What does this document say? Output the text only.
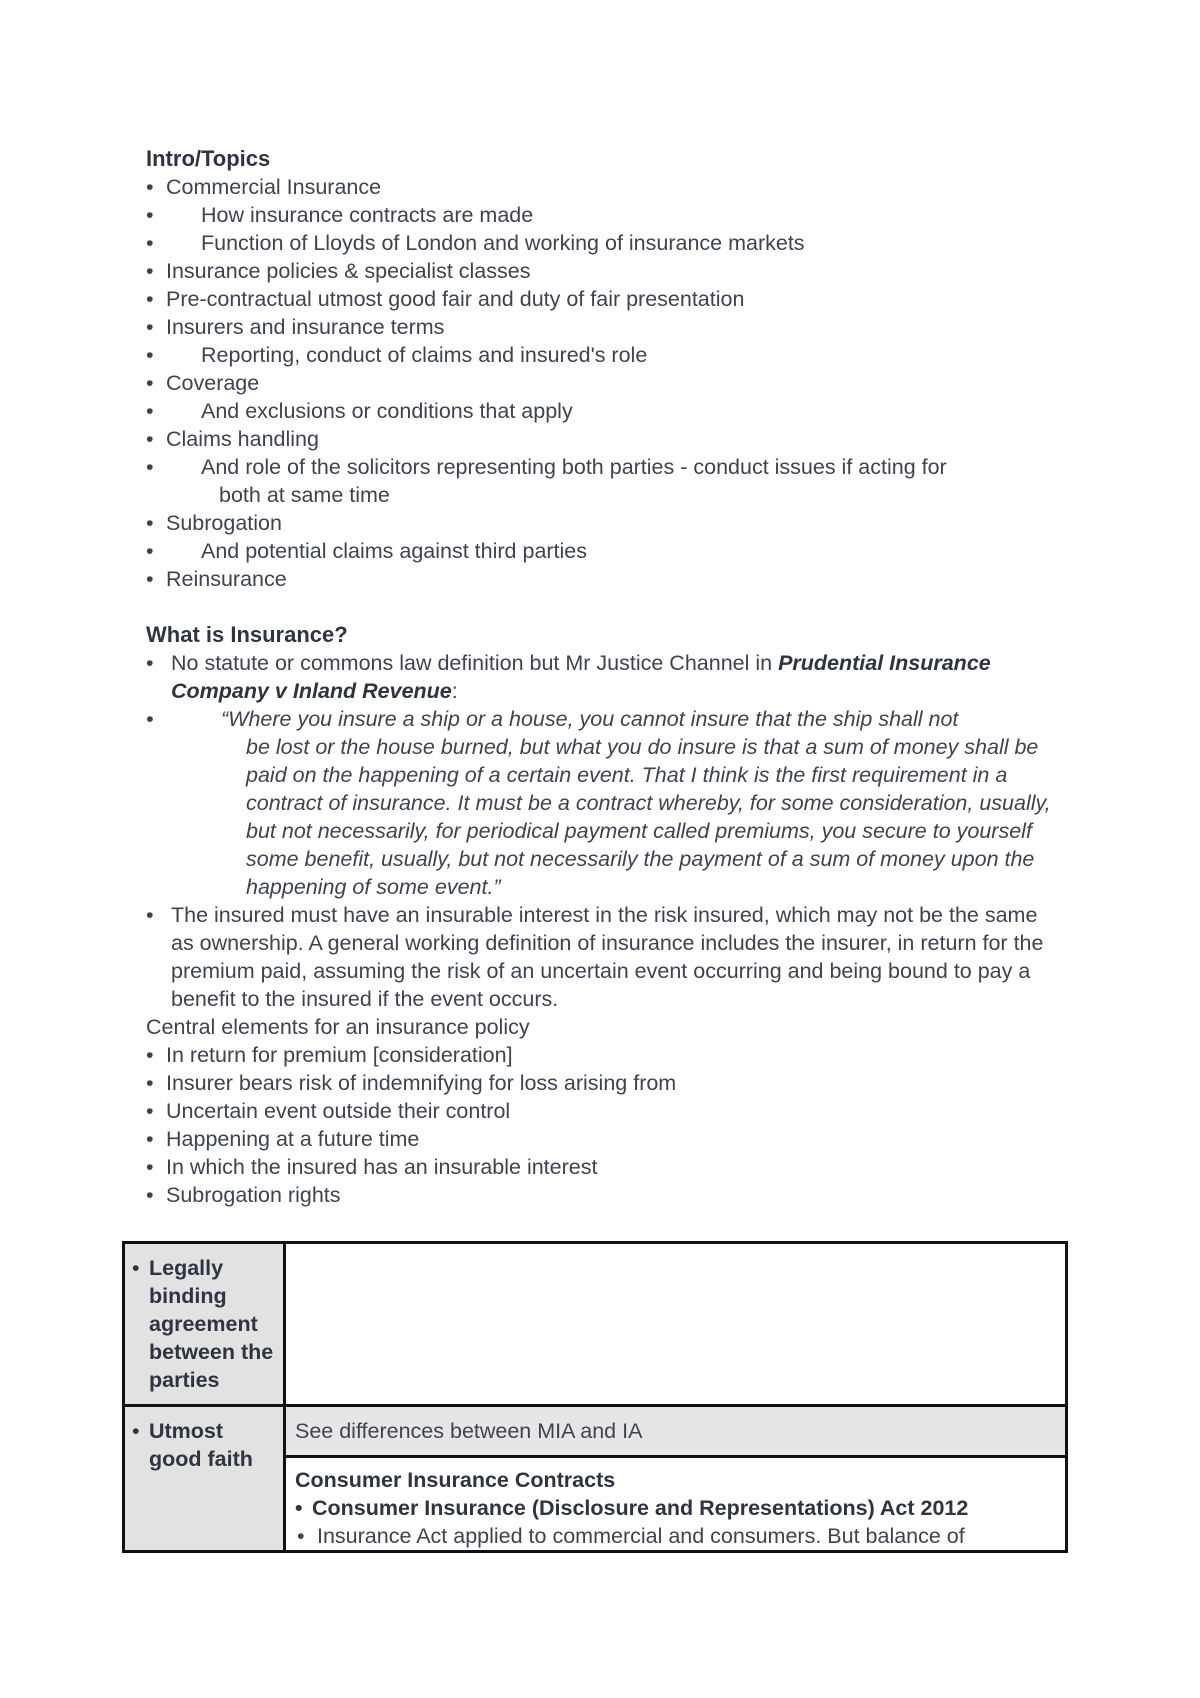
Intro/Topics
• Commercial Insurance
• How insurance contracts are made
• Function of Lloyds of London and working of insurance markets
• Insurance policies & specialist classes
• Pre-contractual utmost good fair and duty of fair presentation
• Insurers and insurance terms
• Reporting, conduct of claims and insured's role
• Coverage
• And exclusions or conditions that apply
• Claims handling
• And role of the solicitors representing both parties - conduct issues if acting for
both at same time
• Subrogation
• And potential claims against third parties
• Reinsurance
What is Insurance?
• No statute or commons law definition but Mr Justice Channel in Prudential Insurance Company v Inland Revenue:
• “Where you insure a ship or a house, you cannot insure that the ship shall not
be lost or the house burned, but what you do insure is that a sum of money shall be paid on the happening of a certain event. That I think is the first requirement in a contract of insurance. It must be a contract whereby, for some consideration, usually, but not necessarily, for periodical payment called premiums, you secure to yourself some benefit, usually, but not necessarily the payment of a sum of money upon the happening of some event.”
• The insured must have an insurable interest in the risk insured, which may not be the same as ownership. A general working definition of insurance includes the insurer, in return for the premium paid, assuming the risk of an uncertain event occurring and being bound to pay a benefit to the insured if the event occurs.
Central elements for an insurance policy
• In return for premium [consideration]
• Insurer bears risk of indemnifying for loss arising from
• Uncertain event outside their control
• Happening at a future time
• In which the insured has an insurable interest
• Subrogation rights
• Legally binding agreement between the parties

• Utmost good faith	See differences between MIA and IA
Consumer Insurance Contracts
• Consumer Insurance (Disclosure and Representations) Act 2012
• Insurance Act applied to commercial and consumers. But balance of
